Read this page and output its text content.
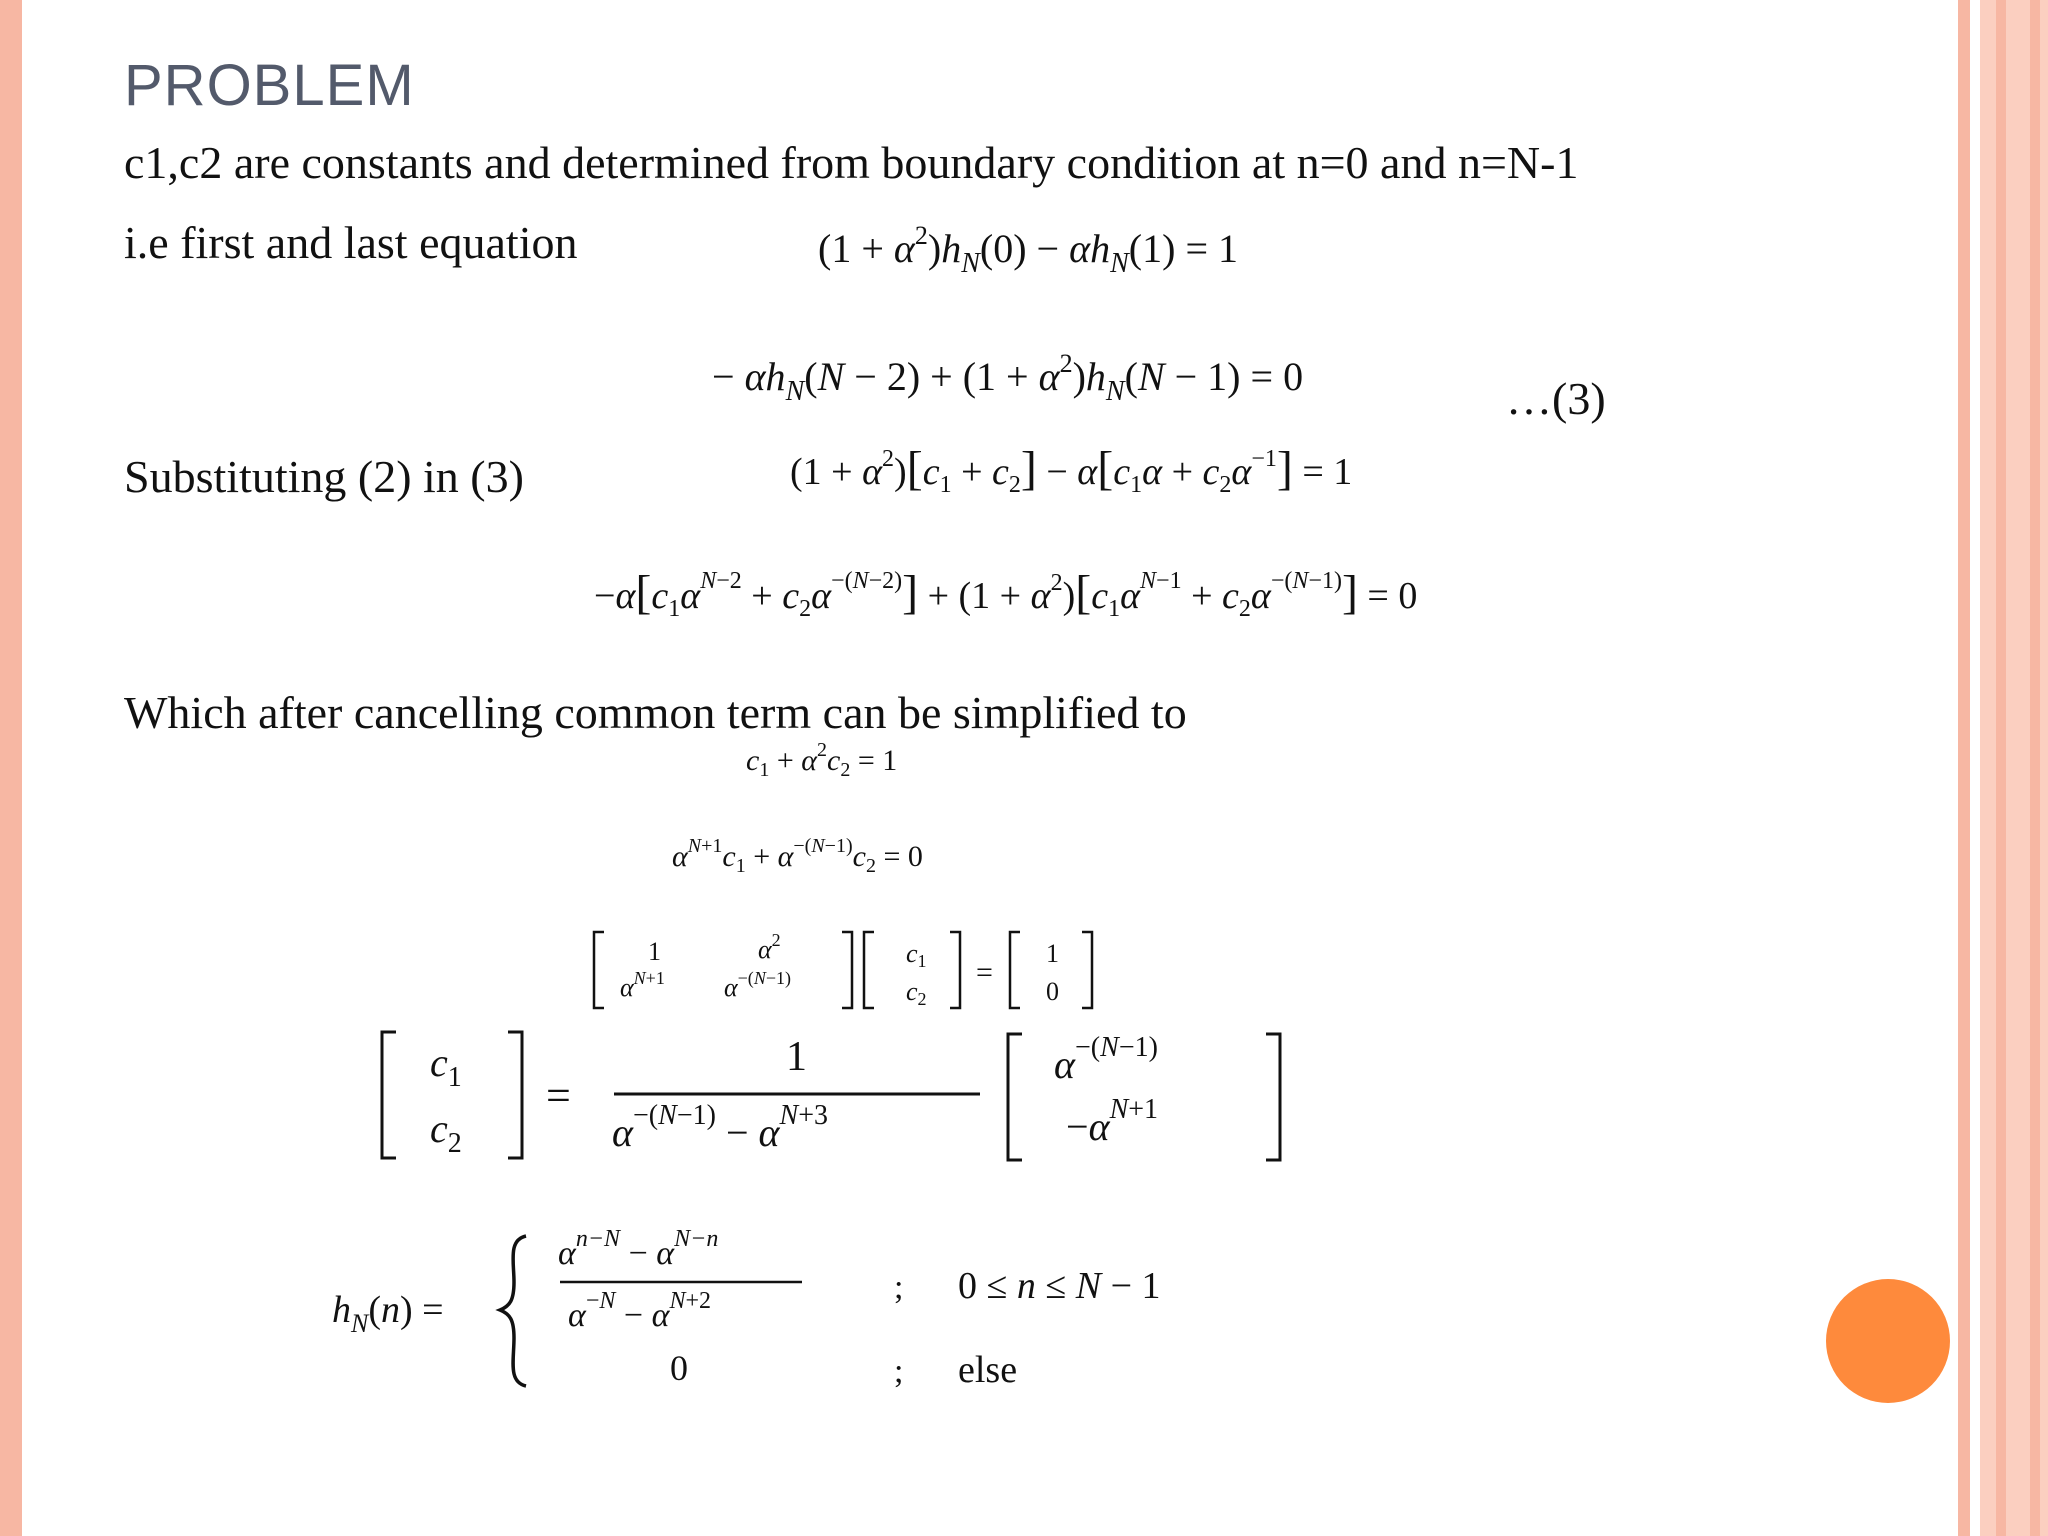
PROBLEM
c1,c2 are constants and determined from boundary condition at n=0 and n=N-1
i.e first and last equation
Substituting (2) in (3)
Which after cancelling common term can be simplified to
…(3)
$(1 + \alpha^2)h_N(0) - \alpha h_N(1) = 1$
− $\alpha h_N(N - 2) + (1 + \alpha^2)h_N(N - 1) = 0$
$(1 + \alpha^2)[c_1 + c_2] - \alpha[c_1\alpha + c_2\alpha^{-1}] = 1$
$-\alpha[c_1\alpha^{N-2} + c_2\alpha^{-(N-2)}] + (1 + \alpha^2)[c_1\alpha^{N-1} + c_2\alpha^{-(N-1)}] = 0$
$c_1 + \alpha^2c_2 = 1$
$\alpha^{N+1}c_1 + \alpha^{-(N-1)}c_2 = 0$
1	$\alpha^2$
$\alpha^{N+1}$ $\alpha^{-(N-1)}$
c1
c2
=
1
0
$c_1$
$c_2$
=
1
$\alpha^{-(N-1)} - \alpha^{N+3}$
$\alpha^{-(N-1)}$
$-\alpha^{N+1}$
$h_N(n)$ =
$\alpha^{n-N} - \alpha^{N-n}$
$\alpha^{-N} - \alpha^{N+2}$
0
; 0 ≤ n ≤ N − 1
; else
